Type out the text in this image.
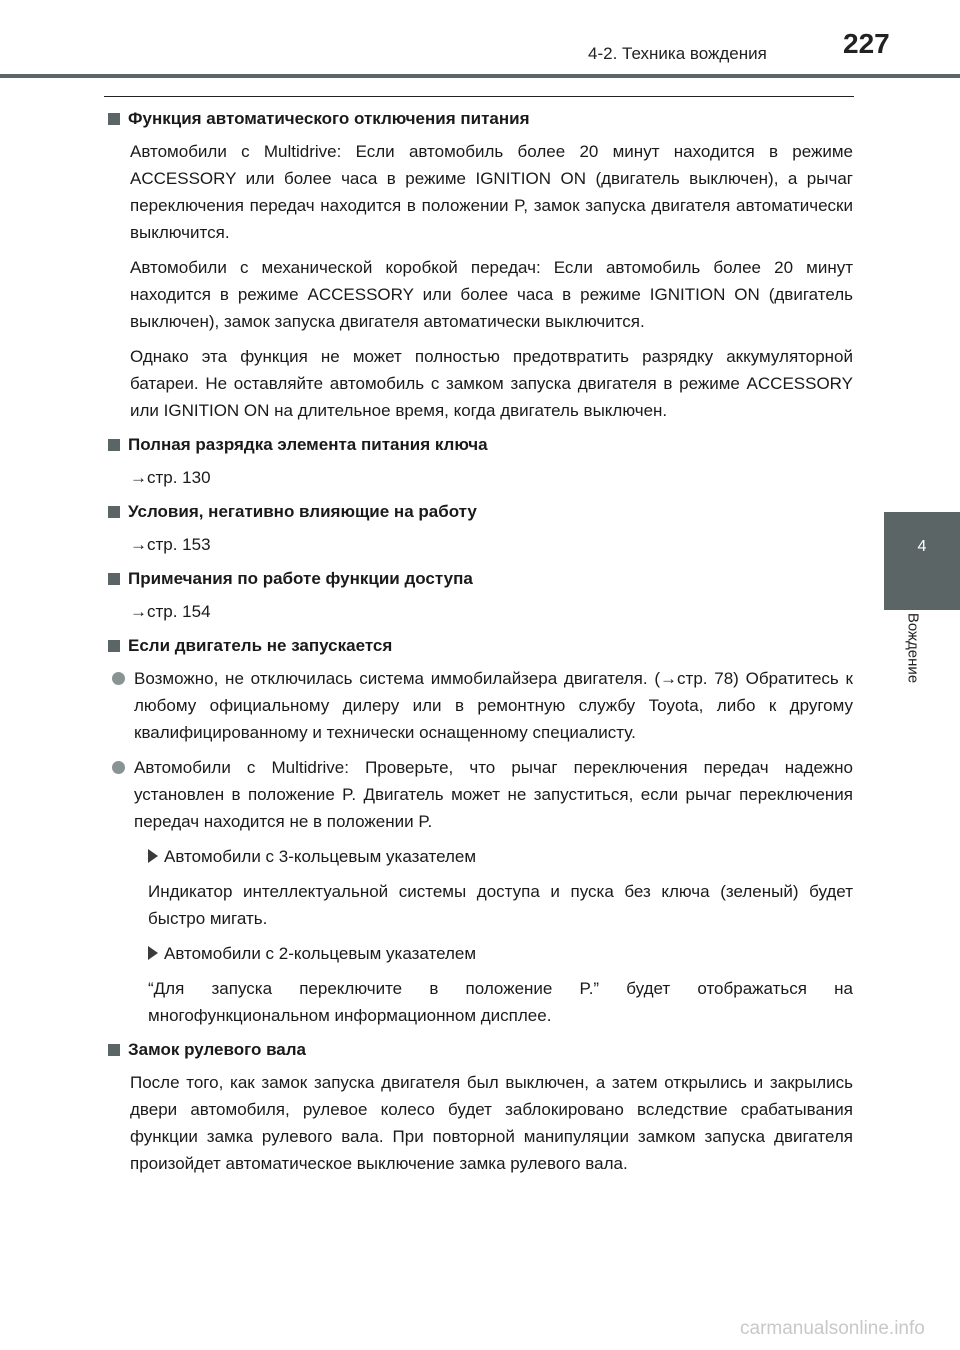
4-2. Техника вождения	227
4
Вождение
Функция автоматического отключения питания

Автомобили с Multidrive: Если автомобиль более 20 минут находится в режиме ACCESSORY или более часа в режиме IGNITION ON (двигатель выключен), а рычаг переключения передач находится в положении P, замок запуска двигателя автоматически выключится.

Автомобили с механической коробкой передач: Если автомобиль более 20 минут находится в режиме ACCESSORY или более часа в режиме IGNITION ON (двигатель выключен), замок запуска двигателя автоматически выключится.

Однако эта функция не может полностью предотвратить разрядку аккумуляторной батареи. Не оставляйте автомобиль с замком запуска двигателя в режиме ACCESSORY или IGNITION ON на длительное время, когда двигатель выключен.

Полная разрядка элемента питания ключа

→стр. 130

Условия, негативно влияющие на работу

→стр. 153

Примечания по работе функции доступа

→стр. 154

Если двигатель не запускается
Возможно, не отключилась система иммобилайзера двигателя. (→стр. 78) Обратитесь к любому официальному дилеру или в ремонтную службу Toyota, либо к другому квалифицированному и технически оснащенному специалисту.
Автомобили с Multidrive: Проверьте, что рычаг переключения передач надежно установлен в положение P. Двигатель может не запуститься, если рычаг переключения передач находится не в положении P.
Автомобили с 3-кольцевым указателем

Индикатор интеллектуальной системы доступа и пуска без ключа (зеленый) будет быстро мигать.

Автомобили с 2-кольцевым указателем

“Для запуска переключите в положение P.” будет отображаться на многофункциональном информационном дисплее.

Замок рулевого вала

После того, как замок запуска двигателя был выключен, а затем открылись и закрылись двери автомобиля, рулевое колесо будет заблокировано вследствие срабатывания функции замка рулевого вала. При повторной манипуляции замком запуска двигателя произойдет автоматическое выключение замка рулевого вала.

carmanualsonline.info
